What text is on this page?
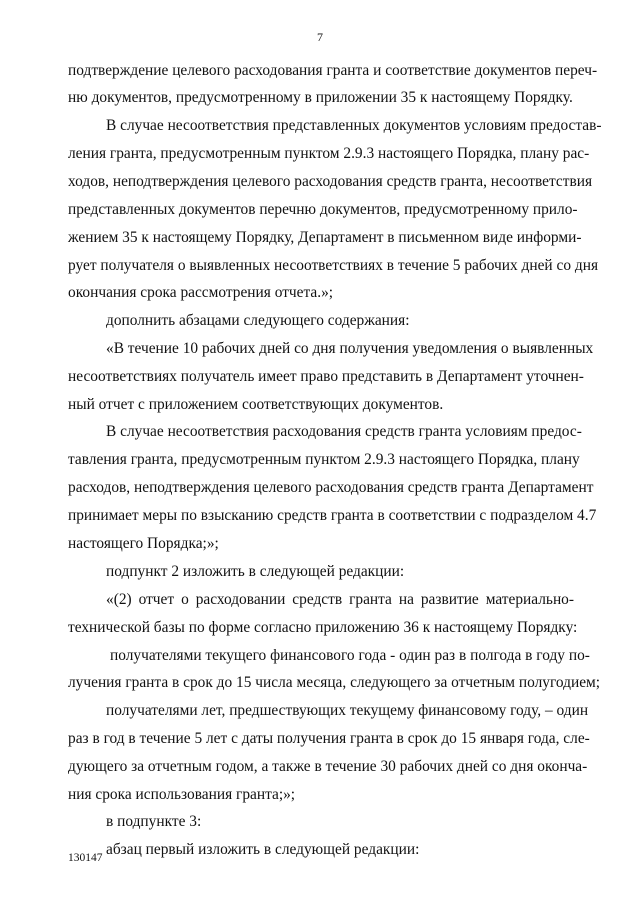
7
подтверждение целевого расходования гранта и соответствие документов переч-
ню документов, предусмотренному в приложении 35 к настоящему Порядку.
В случае несоответствия представленных документов условиям предостав-
ления гранта, предусмотренным пунктом 2.9.3 настоящего Порядка, плану рас-
ходов, неподтверждения целевого расходования средств гранта, несоответствия
представленных документов перечню документов, предусмотренному прило-
жением 35 к настоящему Порядку, Департамент в письменном виде информи-
рует получателя о выявленных несоответствиях в течение 5 рабочих дней со дня
окончания срока рассмотрения отчета.»;
дополнить абзацами следующего содержания:
«В течение 10 рабочих дней со дня получения уведомления о выявленных
несоответствиях получатель имеет право представить в Департамент уточнен-
ный отчет с приложением соответствующих документов.
В случае несоответствия расходования средств гранта условиям предос-
тавления гранта, предусмотренным пунктом 2.9.3 настоящего Порядка, плану
расходов, неподтверждения целевого расходования средств гранта Департамент
принимает меры по взысканию средств гранта в соответствии с подразделом 4.7
настоящего Порядка;»;
подпункт 2 изложить в следующей редакции:
«(2) отчет о расходовании средств гранта на развитие материально-
технической базы по форме согласно приложению 36 к настоящему Порядку:
получателями текущего финансового года - один раз в полгода в году по-
лучения гранта в срок до 15 числа месяца, следующего за отчетным полугодием;
получателями лет, предшествующих текущему финансовому году, – один
раз в год в течение 5 лет с даты получения гранта в срок до 15 января года, сле-
дующего за отчетным годом, а также в течение 30 рабочих дней со дня оконча-
ния срока использования гранта;»;
в подпункте 3:
абзац первый изложить в следующей редакции:
130147
